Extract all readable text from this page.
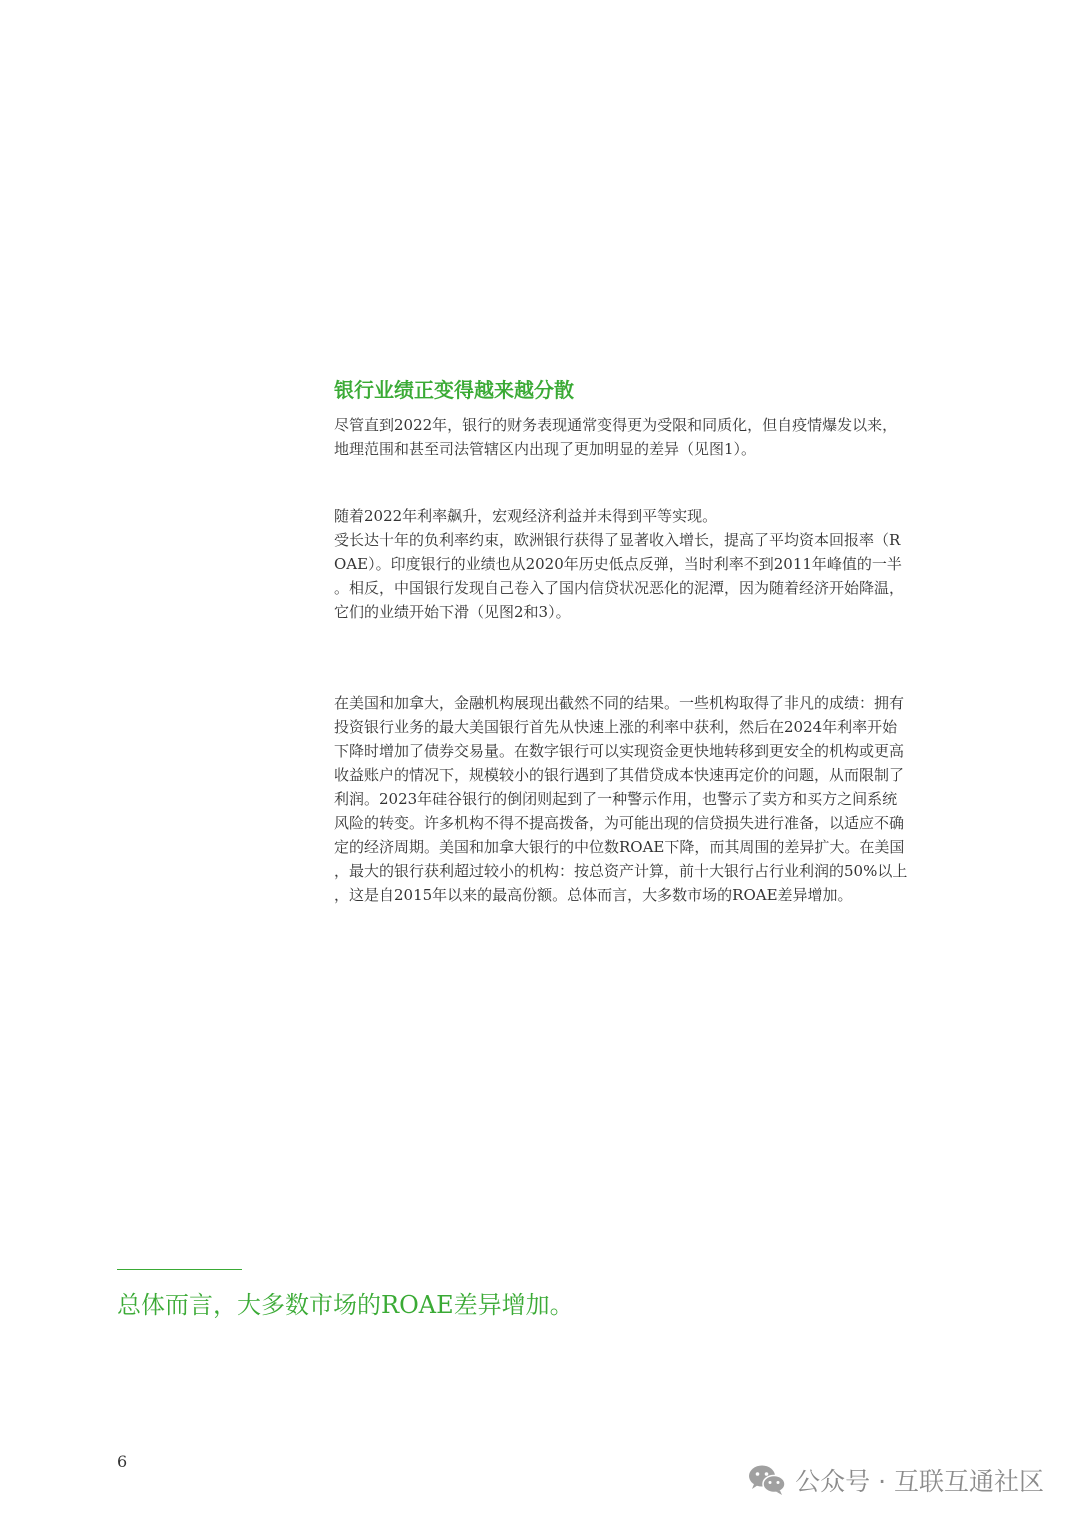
银行业绩正变得越来越分散
尽管直到2022年，银行的财务表现通常变得更为受限和同质化，但自疫情爆发以来，
地理范围和甚至司法管辖区内出现了更加明显的差异（见图1）。
随着2022年利率飙升，宏观经济利益并未得到平等实现。
受长达十年的负利率约束，欧洲银行获得了显著收入增长，提高了平均资本回报率（R
OAE）。印度银行的业绩也从2020年历史低点反弹，当时利率不到2011年峰值的一半
。相反，中国银行发现自己卷入了国内信贷状况恶化的泥潭，因为随着经济开始降温，
它们的业绩开始下滑（见图2和3）。
在美国和加拿大，金融机构展现出截然不同的结果。一些机构取得了非凡的成绩：拥有
投资银行业务的最大美国银行首先从快速上涨的利率中获利，然后在2024年利率开始
下降时增加了债券交易量。在数字银行可以实现资金更快地转移到更安全的机构或更高
收益账户的情况下，规模较小的银行遇到了其借贷成本快速再定价的问题，从而限制了
利润。2023年硅谷银行的倒闭则起到了一种警示作用，也警示了卖方和买方之间系统
风险的转变。许多机构不得不提高拨备，为可能出现的信贷损失进行准备，以适应不确
定的经济周期。美国和加拿大银行的中位数ROAE下降，而其周围的差异扩大。在美国
，最大的银行获利超过较小的机构：按总资产计算，前十大银行占行业利润的50%以上
，这是自2015年以来的最高份额。总体而言，大多数市场的ROAE差异增加。

总体而言，大多数市场的ROAE差异增加。

6
公众号 · 互联互通社区
